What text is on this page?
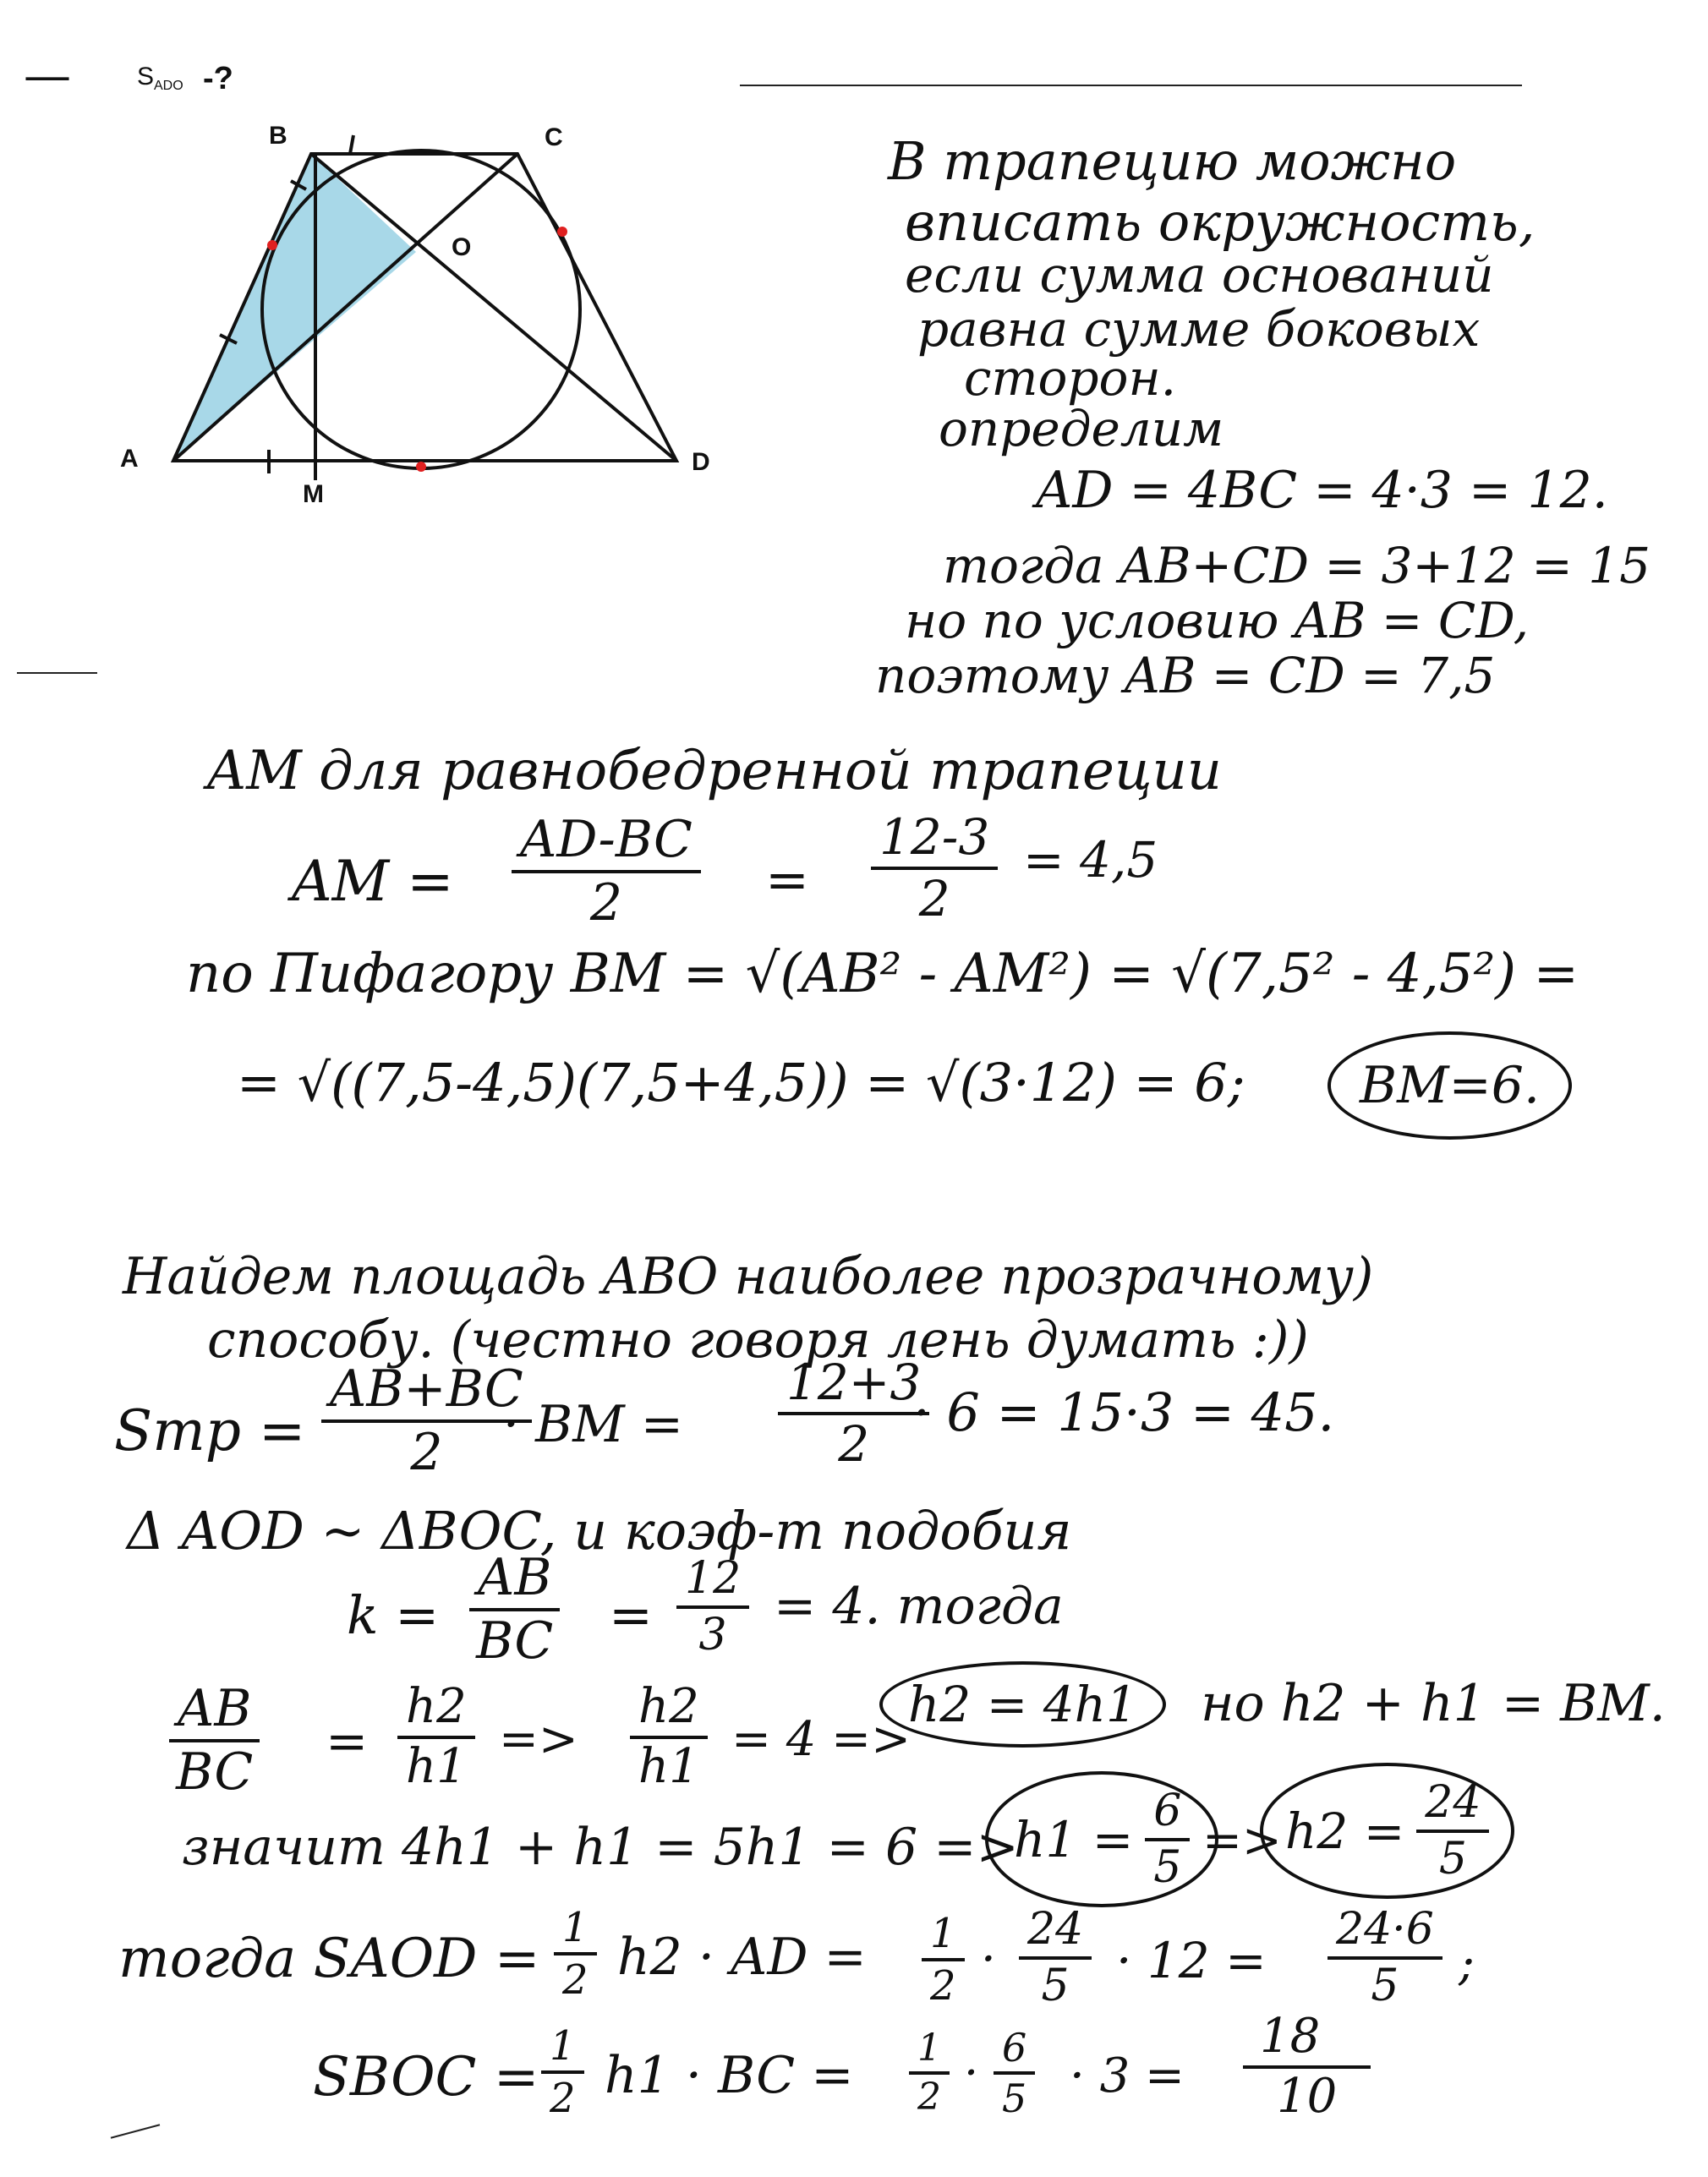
—	S ADO -?
B	C
O
A	D
M
В трапецию можно
вписать окружность,
если сумма оснований
равна сумме боковых
сторон.
определим
AD = 4BC = 4·3 = 12.
тогда AB+CD = 3+12 = 15
но по условию AB = CD,
поэтому AB = CD = 7,5
AM для равнобедренной трапеции
AM = $\frac{AD-BC}{2} = \frac{12-3}{2} = 4,5$
по Пифагору BM = √(AB² - AM²) = √(7,5² - 4,5²) =
= √((7,5-4,5)(7,5+4,5)) = √(3·12) = 6;	BM=6.
Найдем площадь AВО наиболее прозрачному)
способу. (честно говоря лень думать :))
Sтр = $\frac{AB+BC}{2}$
· BM = $\frac{12+3}{2}$
· 6 = 15·3 = 45.
Δ AOD ~ ΔBOC, и коэф-т подобия
$k = \frac{AB}{BC} = \frac{12}{3} = 4$. тогда
$\frac{AB}{BC} = \frac{h2}{h1} => \frac{h2}{h1} = 4$ =>
h2 = 4h1	но h2 + h1 = BM.
значит 4h1 + h1 = 5h1 = 6 =>
$h1 = \frac{6}{5} => h2 = \frac{24}{5}$
тогда SAOD = $\frac{1}{2} h2$ · AD = $\frac{1}{2} \cdot \frac{24}{5} \cdot 12 = \frac{24\cdot 6}{5}$ ;
SBOC = $\frac{1}{2} h1$ · BC = $\frac{1}{2} \cdot \frac{6}{5} \cdot 3 = \frac{18}{10}$
